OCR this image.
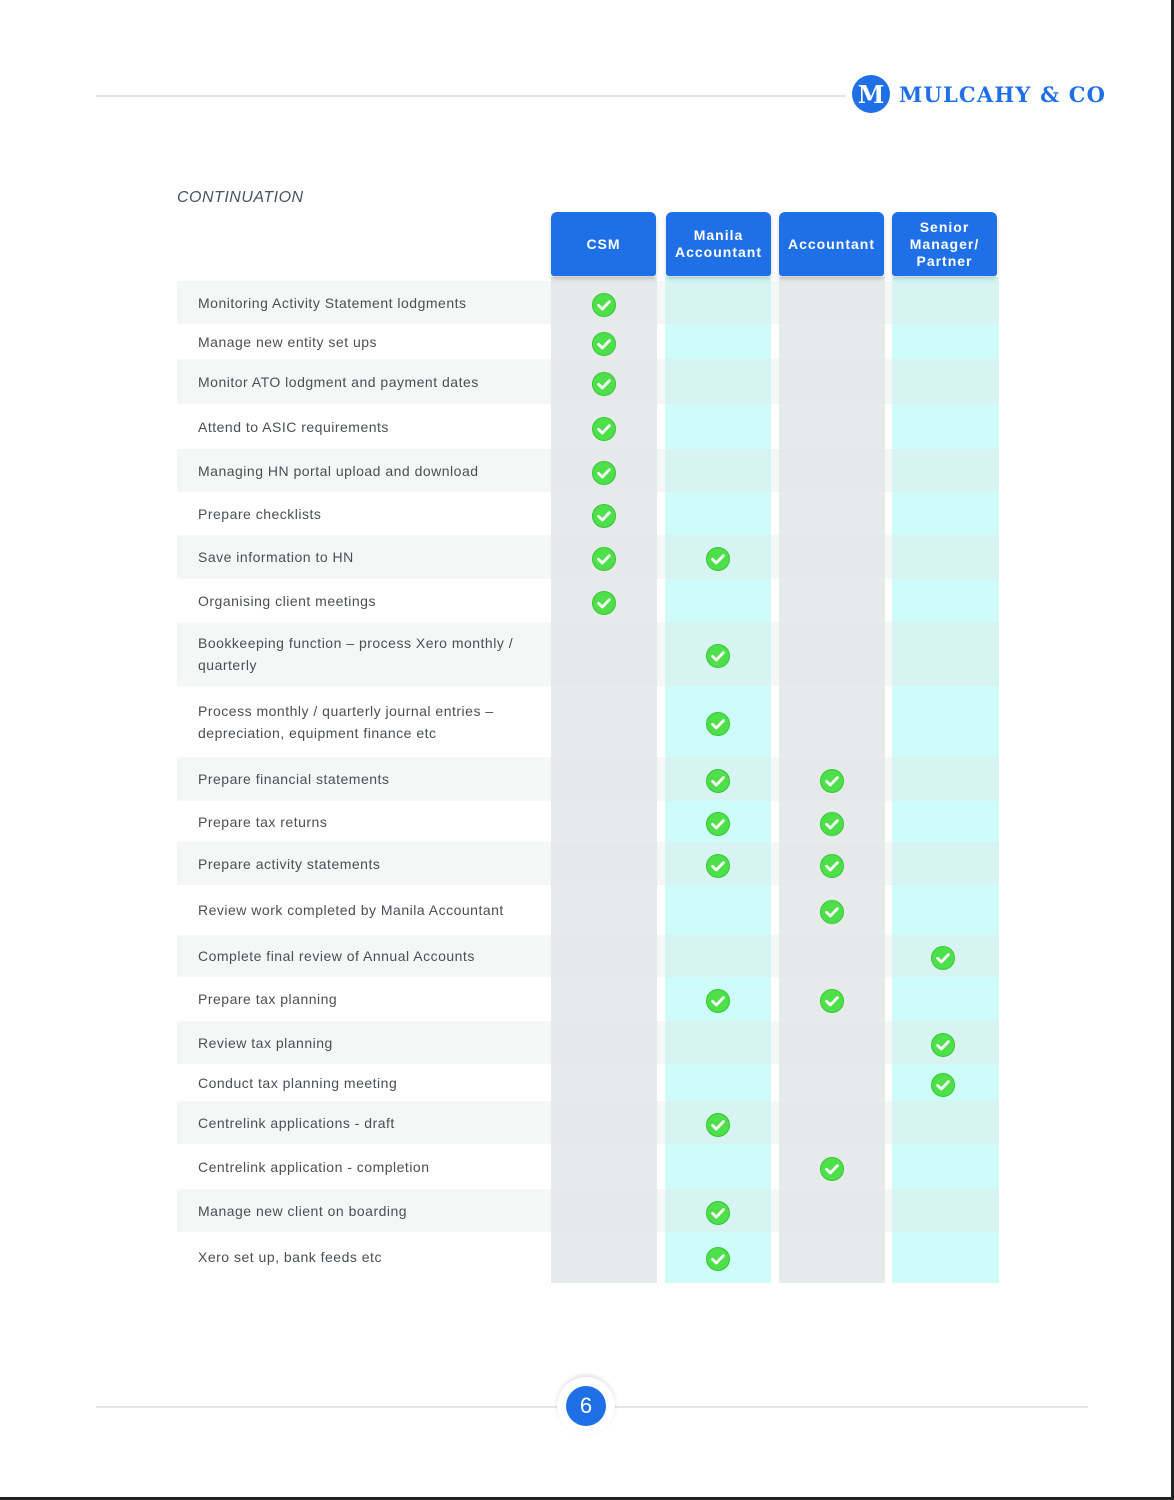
M MULCAHY & CO
CONTINUATION
Monitoring Activity Statement lodgments
Manage new entity set ups
Monitor ATO lodgment and payment dates
Attend to ASIC requirements
Managing HN portal upload and download
Prepare checklists
Save information to HN
Organising client meetings
Bookkeeping function – process Xero monthly / quarterly
Process monthly / quarterly journal entries – depreciation, equipment finance etc
Prepare financial statements
Prepare tax returns
Prepare activity statements
Review work completed by Manila Accountant
Complete final review of Annual Accounts
Prepare tax planning
Review tax planning
Conduct tax planning meeting
Centrelink applications - draft
Centrelink application - completion
Manage new client on boarding
Xero set up, bank feeds etc
CSM
Manila Accountant
Accountant
Senior Manager/ Partner
6
